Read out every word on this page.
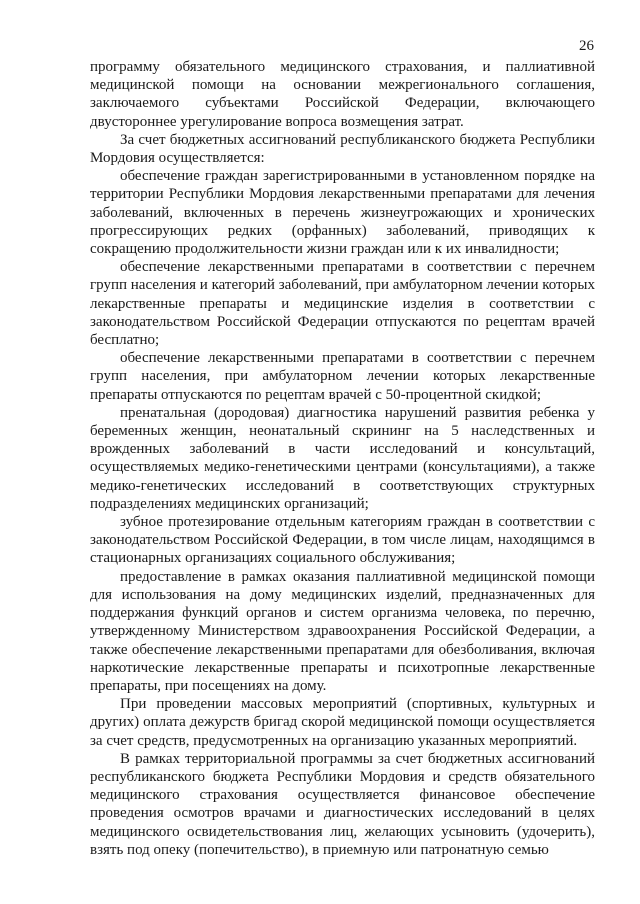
26

программу обязательного медицинского страхования, и паллиативной медицинской помощи на основании межрегионального соглашения, заключаемого субъектами Российской Федерации, включающего двустороннее урегулирование вопроса возмещения затрат.

За счет бюджетных ассигнований республиканского бюджета Республики Мордовия осуществляется:

обеспечение граждан зарегистрированными в установленном порядке на территории Республики Мордовия лекарственными препаратами для лечения заболеваний, включенных в перечень жизнеугрожающих и хронических прогрессирующих редких (орфанных) заболеваний, приводящих к сокращению продолжительности жизни граждан или к их инвалидности;

обеспечение лекарственными препаратами в соответствии с перечнем групп населения и категорий заболеваний, при амбулаторном лечении которых лекарственные препараты и медицинские изделия в соответствии с законодательством Российской Федерации отпускаются по рецептам врачей бесплатно;

обеспечение лекарственными препаратами в соответствии с перечнем групп населения, при амбулаторном лечении которых лекарственные препараты отпускаются по рецептам врачей с 50-процентной скидкой;

пренатальная (дородовая) диагностика нарушений развития ребенка у беременных женщин, неонатальный скрининг на 5 наследственных и врожденных заболеваний в части исследований и консультаций, осуществляемых медико-генетическими центрами (консультациями), а также медико-генетических исследований в соответствующих структурных подразделениях медицинских организаций;

зубное протезирование отдельным категориям граждан в соответствии с законодательством Российской Федерации, в том числе лицам, находящимся в стационарных организациях социального обслуживания;

предоставление в рамках оказания паллиативной медицинской помощи для использования на дому медицинских изделий, предназначенных для поддержания функций органов и систем организма человека, по перечню, утвержденному Министерством здравоохранения Российской Федерации, а также обеспечение лекарственными препаратами для обезболивания, включая наркотические лекарственные препараты и психотропные лекарственные препараты, при посещениях на дому.

При проведении массовых мероприятий (спортивных, культурных и других) оплата дежурств бригад скорой медицинской помощи осуществляется за счет средств, предусмотренных на организацию указанных мероприятий.

В рамках территориальной программы за счет бюджетных ассигнований республиканского бюджета Республики Мордовия и средств обязательного медицинского страхования осуществляется финансовое обеспечение проведения осмотров врачами и диагностических исследований в целях медицинского освидетельствования лиц, желающих усыновить (удочерить), взять под опеку (попечительство), в приемную или патронатную семью
